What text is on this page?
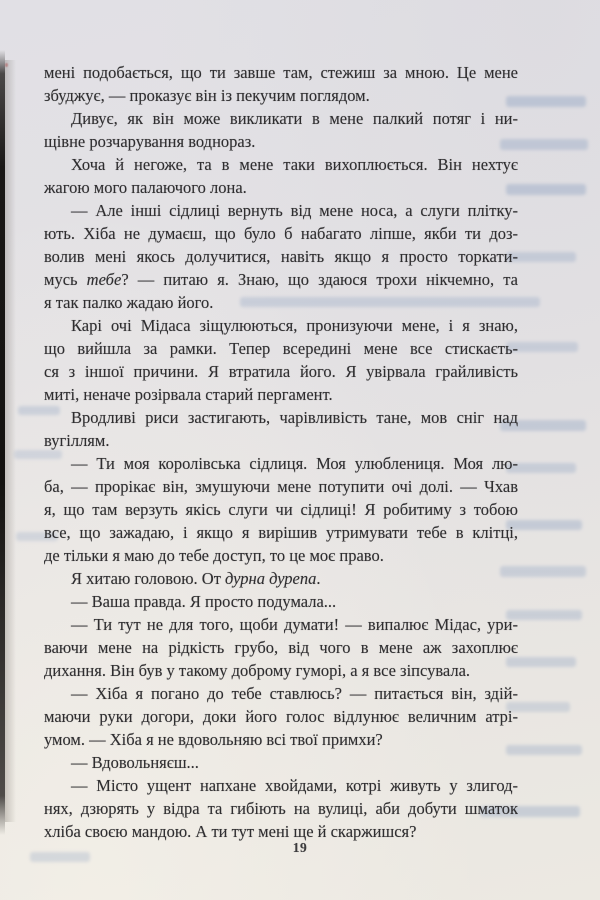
мені подобається, що ти завше там, стежиш за мною. Це мене
збуджує, — проказує він із пекучим поглядом.
Дивує, як він може викликати в мене палкий потяг і ни-
щівне розчарування воднораз.
Хоча й негоже, та в мене таки вихоплюється. Він нехтує
жагою мого палаючого лона.
— Але інші сідлиці вернуть від мене носа, а слуги плітку-
ють. Хіба не думаєш, що було б набагато ліпше, якби ти доз-
волив мені якось долучитися, навіть якщо я просто торкати-
мусь тебе? — питаю я. Знаю, що здаюся трохи нікчемно, та
я так палко жадаю його.
Карі очі Мідаса зіщулюються, пронизуючи мене, і я знаю,
що вийшла за рамки. Тепер всередині мене все стискаєть-
ся з іншої причини. Я втратила його. Я увірвала грайливість
миті, неначе розірвала старий пергамент.
Вродливі риси застигають, чарівливість тане, мов сніг над
вугіллям.
— Ти моя королівська сідлиця. Моя улюблениця. Моя лю-
ба, — прорікає він, змушуючи мене потупити очі долі. — Чхав
я, що там верзуть якісь слуги чи сідлиці! Я робитиму з тобою
все, що зажадаю, і якщо я вирішив утримувати тебе в клітці,
де тільки я маю до тебе доступ, то це моє право.
Я хитаю головою. От дурна дурепа.
— Ваша правда. Я просто подумала...
— Ти тут не для того, щоби думати! — випалює Мідас, ури-
ваючи мене на рідкість грубо, від чого в мене аж захоплює
дихання. Він був у такому доброму гуморі, а я все зіпсувала.
— Хіба я погано до тебе ставлюсь? — питається він, здій-
маючи руки догори, доки його голос відлунює величним атрі-
умом. — Хіба я не вдовольняю всі твої примхи?
— Вдовольняєш...
— Місто ущент напхане хвойдами, котрі живуть у злигод-
нях, дзюрять у відра та гибіють на вулиці, аби добути шматок
хліба своєю мандою. А ти тут мені ще й скаржишся?
19
